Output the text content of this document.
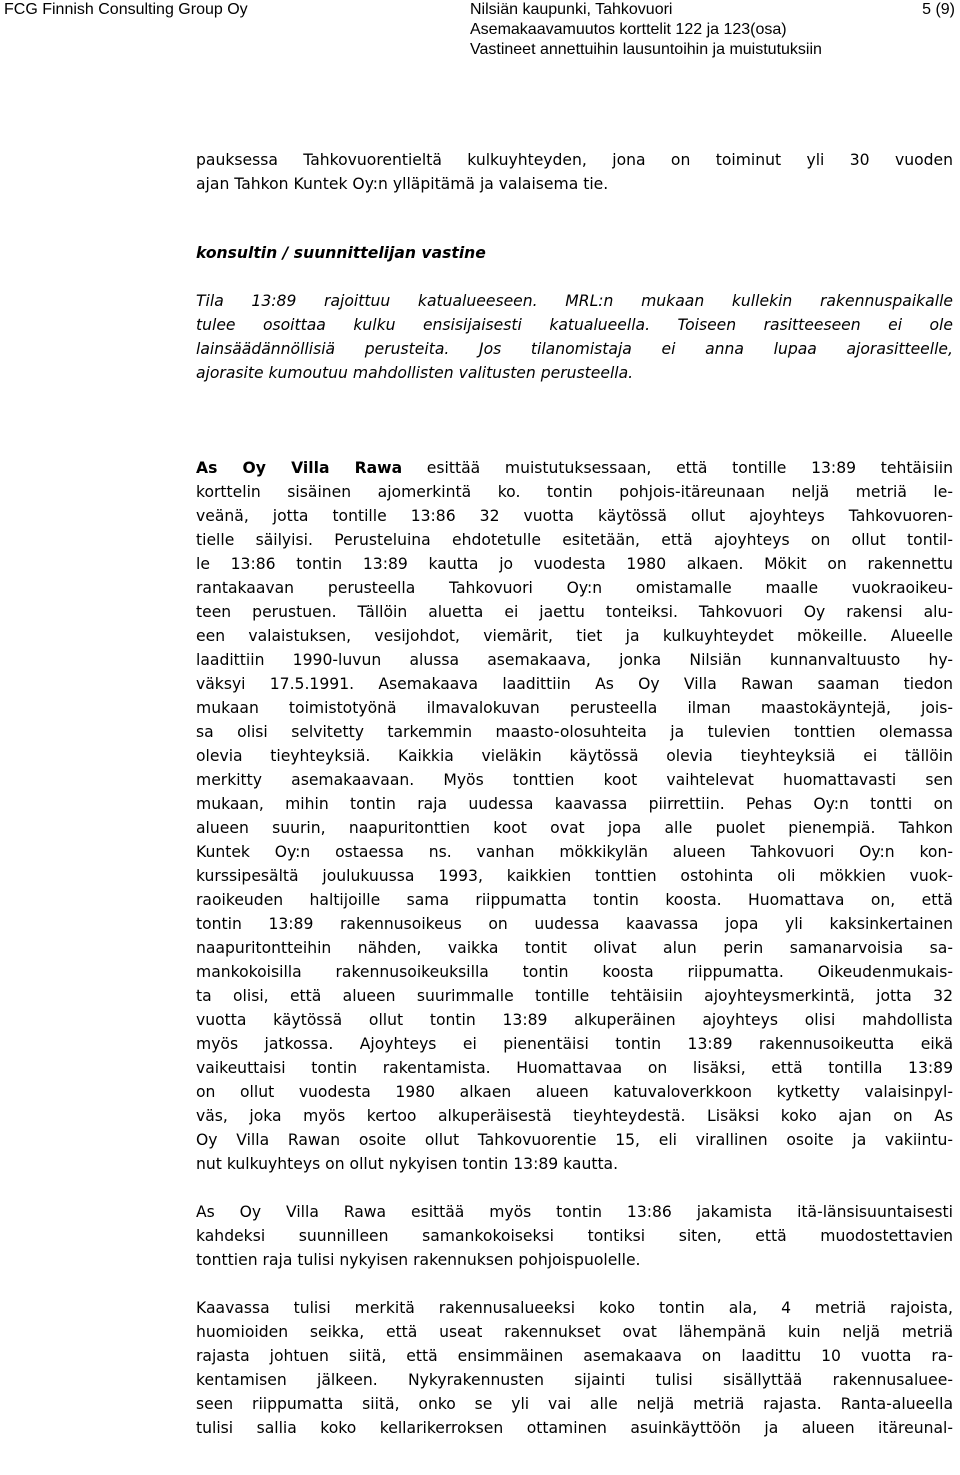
FCG Finnish Consulting Group Oy	Nilsiän kaupunki, Tahkovuori
Asemakaavamuutos korttelit 122 ja 123(osa)
Vastineet annettuihin lausuntoihin ja muistutuksiin

5 (9)

pauksessa Tahkovuorentieltä kulkuyhteyden, jona on toiminut yli 30 vuoden
ajan Tahkon Kuntek Oy:n ylläpitämä ja valaisema tie.

konsultin / suunnittelijan vastine

Tila 13:89 rajoittuu katualueeseen. MRL:n mukaan kullekin rakennuspaikalle
tulee osoittaa kulku ensisijaisesti katualueella. Toiseen rasitteeseen ei ole
lainsäädännöllisiä perusteita. Jos tilanomistaja ei anna lupaa ajorasitteelle,
ajorasite kumoutuu mahdollisten valitusten perusteella.

As Oy Villa Rawa esittää muistutuksessaan, että tontille 13:89 tehtäisiin
korttelin sisäinen ajomerkintä ko. tontin pohjois-itäreunaan neljä metriä le-
veänä, jotta tontille 13:86 32 vuotta käytössä ollut ajoyhteys Tahkovuoren-
tielle säilyisi. Perusteluina ehdotetulle esitetään, että ajoyhteys on ollut tontil-
le 13:86 tontin 13:89 kautta jo vuodesta 1980 alkaen. Mökit on rakennettu
rantakaavan perusteella Tahkovuori Oy:n omistamalle maalle vuokraoikeu-
teen perustuen. Tällöin aluetta ei jaettu tonteiksi. Tahkovuori Oy rakensi alu-
een valaistuksen, vesijohdot, viemärit, tiet ja kulkuyhteydet mökeille. Alueelle
laadittiin 1990-luvun alussa asemakaava, jonka Nilsiän kunnanvaltuusto hy-
väksyi 17.5.1991. Asemakaava laadittiin As Oy Villa Rawan saaman tiedon
mukaan toimistotyönä ilmavalokuvan perusteella ilman maastokäyntejä, jois-
sa olisi selvitetty tarkemmin maasto-olosuhteita ja tulevien tonttien olemassa
olevia tieyhteyksiä. Kaikkia vieläkin käytössä olevia tieyhteyksiä ei tällöin
merkitty asemakaavaan. Myös tonttien koot vaihtelevat huomattavasti sen
mukaan, mihin tontin raja uudessa kaavassa piirrettiin. Pehas Oy:n tontti on
alueen suurin, naapuritonttien koot ovat jopa alle puolet pienempiä. Tahkon
Kuntek Oy:n ostaessa ns. vanhan mökkikylän alueen Tahkovuori Oy:n kon-
kurssipesältä joulukuussa 1993, kaikkien tonttien ostohinta oli mökkien vuok-
raoikeuden haltijoille sama riippumatta tontin koosta. Huomattava on, että
tontin 13:89 rakennusoikeus on uudessa kaavassa jopa yli kaksinkertainen
naapuritontteihin nähden, vaikka tontit olivat alun perin samanarvoisia sa-
mankokoisilla rakennusoikeuksilla tontin koosta riippumatta. Oikeudenmukais-
ta olisi, että alueen suurimmalle tontille tehtäisiin ajoyhteysmerkintä, jotta 32
vuotta käytössä ollut tontin 13:89 alkuperäinen ajoyhteys olisi mahdollista
myös jatkossa. Ajoyhteys ei pienentäisi tontin 13:89 rakennusoikeutta eikä
vaikeuttaisi tontin rakentamista. Huomattavaa on lisäksi, että tontilla 13:89
on ollut vuodesta 1980 alkaen alueen katuvaloverkkoon kytketty valaisinpyl-
väs, joka myös kertoo alkuperäisestä tieyhteydestä. Lisäksi koko ajan on As
Oy Villa Rawan osoite ollut Tahkovuorentie 15, eli virallinen osoite ja vakiintu-
nut kulkuyhteys on ollut nykyisen tontin 13:89 kautta.

As Oy Villa Rawa esittää myös tontin 13:86 jakamista itä-länsisuuntaisesti
kahdeksi suunnilleen samankokoiseksi tontiksi siten, että muodostettavien
tonttien raja tulisi nykyisen rakennuksen pohjoispuolelle.

Kaavassa tulisi merkitä rakennusalueeksi koko tontin ala, 4 metriä rajoista,
huomioiden seikka, että useat rakennukset ovat lähempänä kuin neljä metriä
rajasta johtuen siitä, että ensimmäinen asemakaava on laadittu 10 vuotta ra-
kentamisen jälkeen. Nykyrakennusten sijainti tulisi sisällyttää rakennusaluee-
seen riippumatta siitä, onko se yli vai alle neljä metriä rajasta. Ranta-alueella
tulisi sallia koko kellarikerroksen ottaminen asuinkäyttöön ja alueen itäreunal-
